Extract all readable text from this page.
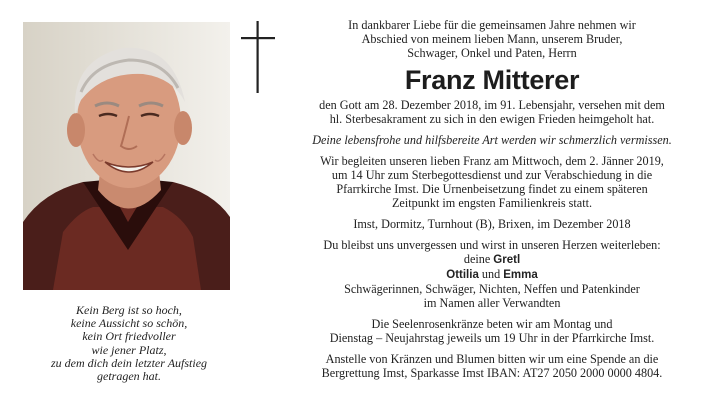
Kein Berg ist so hoch,
keine Aussicht so schön,
kein Ort friedvoller
wie jener Platz,
zu dem dich dein letzter Aufstieg
getragen hat.
In dankbarer Liebe für die gemeinsamen Jahre nehmen wir
Abschied von meinem lieben Mann, unserem Bruder,
Schwager, Onkel und Paten, Herrn
Franz Mitterer
den Gott am 28. Dezember 2018, im 91. Lebensjahr, versehen mit dem
hl. Sterbesakrament zu sich in den ewigen Frieden heimgeholt hat.
Deine lebensfrohe und hilfsbereite Art werden wir schmerzlich vermissen.
Wir begleiten unseren lieben Franz am Mittwoch, dem 2. Jänner 2019,
um 14 Uhr zum Sterbegottesdienst und zur Verabschiedung in die
Pfarrkirche Imst. Die Urnenbeisetzung findet zu einem späteren
Zeitpunkt im engsten Familienkreis statt.
Imst, Dormitz, Turnhout (B), Brixen, im Dezember 2018
Du bleibst uns unvergessen und wirst in unseren Herzen weiterleben:
deine Gretl
Ottilia und Emma
Schwägerinnen, Schwäger, Nichten, Neffen und Patenkinder
im Namen aller Verwandten
Die Seelenrosenkränze beten wir am Montag und
Dienstag – Neujahrstag jeweils um 19 Uhr in der Pfarrkirche Imst.
Anstelle von Kränzen und Blumen bitten wir um eine Spende an die
Bergrettung Imst, Sparkasse Imst IBAN: AT27 2050 2000 0000 4804.
